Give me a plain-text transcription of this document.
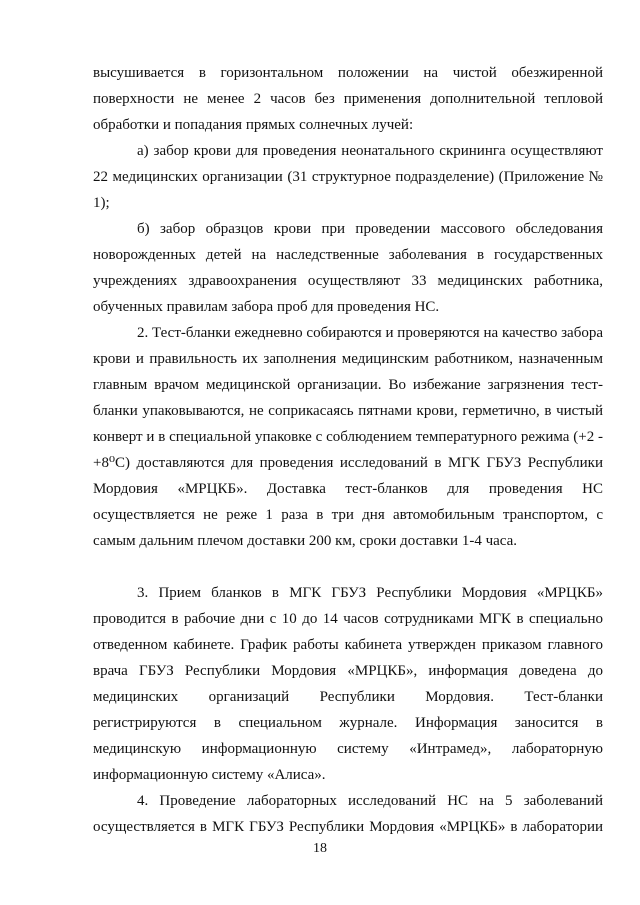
высушивается в горизонтальном положении на чистой обезжиренной поверхности не менее 2 часов без применения дополнительной тепловой обработки и попадания прямых солнечных лучей:

а) забор крови для проведения неонатального скрининга осуществляют 22 медицинских организации (31 структурное подразделение) (Приложение № 1);

б) забор образцов крови при проведении массового обследования новорожденных детей на наследственные заболевания в государственных учреждениях здравоохранения осуществляют 33 медицинских работника, обученных правилам забора проб для проведения НС.

2. Тест-бланки ежедневно собираются и проверяются на качество забора крови и правильность их заполнения медицинским работником, назначенным главным врачом медицинской организации. Во избежание загрязнения тест-бланки упаковываются, не соприкасаясь пятнами крови, герметично, в чистый конверт и в специальной упаковке с соблюдением температурного режима (+2 - +8⁰С) доставляются для проведения исследований в МГК ГБУЗ Республики Мордовия «МРЦКБ». Доставка тест-бланков для проведения НС осуществляется не реже 1 раза в три дня автомобильным транспортом, с самым дальним плечом доставки 200 км, сроки доставки 1-4 часа.

3. Прием бланков в МГК ГБУЗ Республики Мордовия «МРЦКБ» проводится в рабочие дни с 10 до 14 часов сотрудниками МГК в специально отведенном кабинете. График работы кабинета утвержден приказом главного врача ГБУЗ Республики Мордовия «МРЦКБ», информация доведена до медицинских организаций Республики Мордовия. Тест-бланки регистрируются в специальном журнале. Информация заносится в медицинскую информационную систему «Интрамед», лабораторную информационную систему «Алиса».

4. Проведение лабораторных исследований НС на 5 заболеваний осуществляется в МГК ГБУЗ Республики Мордовия «МРЦКБ» в лаборатории

18
